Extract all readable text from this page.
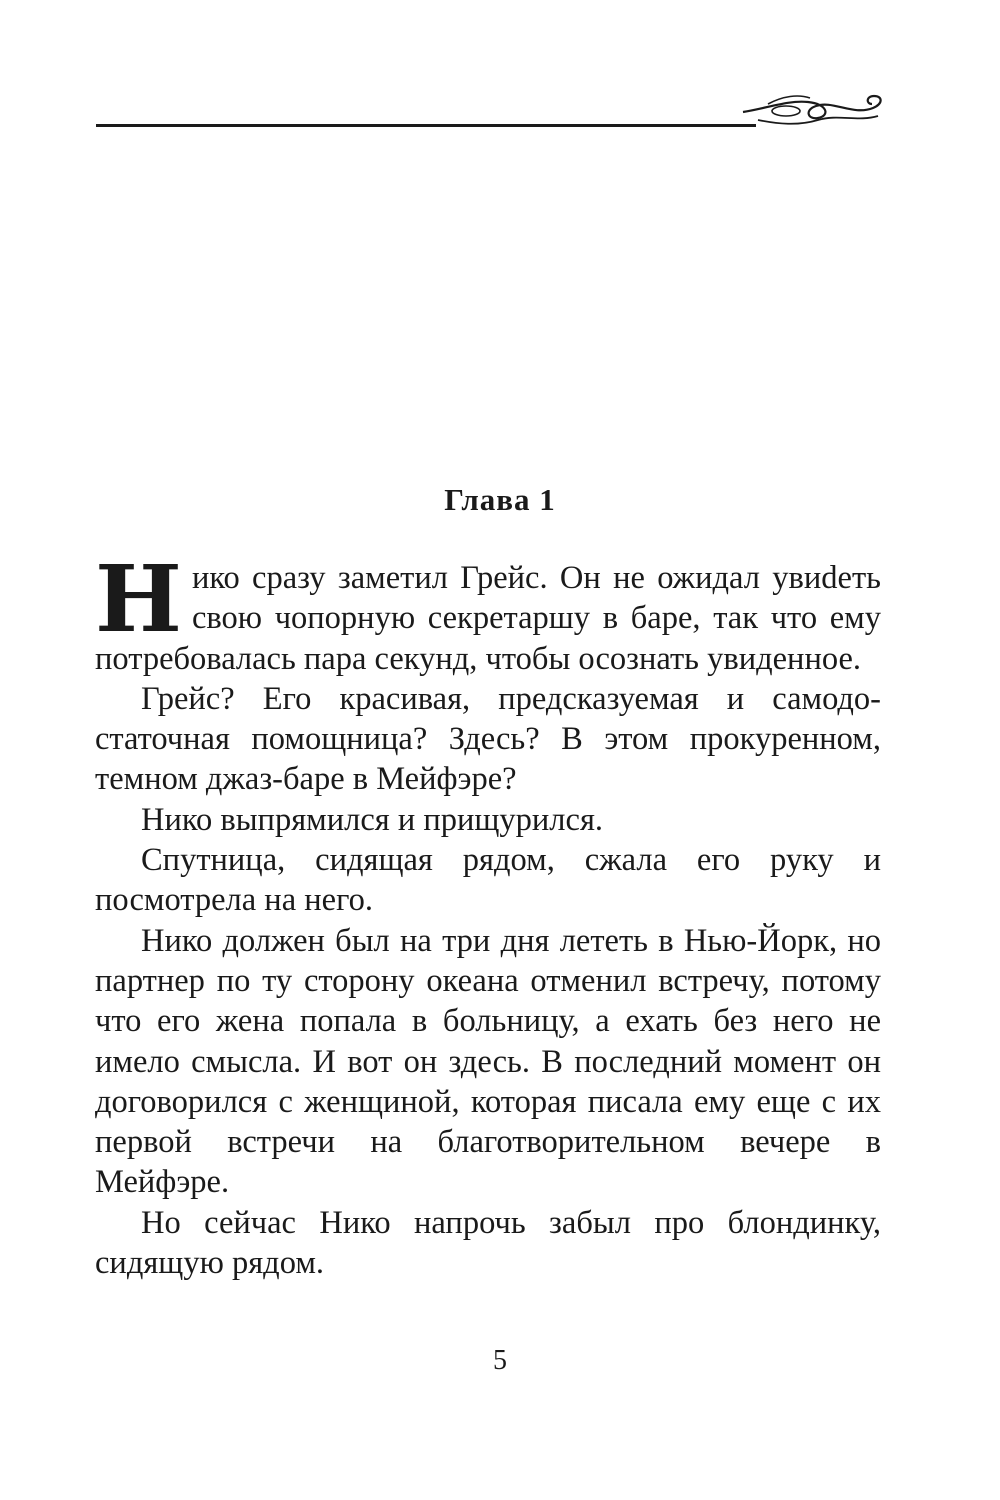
Глава 1

Нико сразу заметил Грейс. Он не ожидал увиdеть свою чопорную секретаршу в баре, так что ему потребовалась пара секунд, чтобы осознать увиденное.

Грейс? Его красивая, предсказуемая и самодостаточная помощница? Здесь? В этом прокуренном, темном джаз-баре в Мейфэре?

Нико выпрямился и прищурился.

Спутница, сидящая рядом, сжала его руку и посмотрела на него.

Нико должен был на три дня лететь в Нью-Йорк, но партнер по ту сторону океана отменил встречу, потому что его жена попала в больницу, а ехать без него не имело смысла. И вот он здесь. В последний момент он договорился с женщиной, которая писала ему еще с их первой встречи на благотворительном вечере в Мейфэре.

Но сейчас Нико напрочь забыл про блондинку, сидящую рядом.

5
